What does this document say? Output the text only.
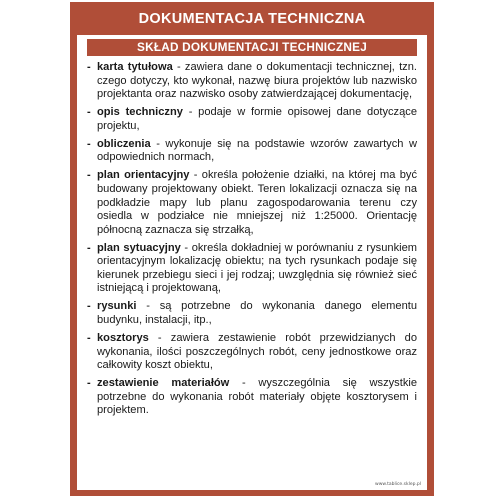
DOKUMENTACJA TECHNICZNA
SKŁAD DOKUMENTACJI TECHNICZNEJ
- karta tytułowa - zawiera dane o dokumentacji technicznej, tzn. czego dotyczy, kto wykonał, nazwę biura projektów lub nazwisko projektanta oraz nazwisko osoby zatwierdzającej dokumentację,
- opis techniczny - podaje w formie opisowej dane dotyczące projektu,
- obliczenia - wykonuje się na podstawie wzorów zawartych w odpowiednich normach,
- plan orientacyjny - określa położenie działki, na której ma być budowany projektowany obiekt. Teren lokalizacji oznacza się na podkładzie mapy lub planu zagospodarowania terenu czy osiedla w podziałce nie mniejszej niż 1:25000. Orientację północną zaznacza się strzałką,
- plan sytuacyjny - określa dokładniej w porównaniu z rysunkiem orientacyjnym lokalizację obiektu; na tych rysunkach podaje się kierunek przebiegu sieci i jej rodzaj; uwzględnia się również sieć istniejącą i projektowaną,
- rysunki - są potrzebne do wykonania danego elementu budynku, instalacji, itp.,
- kosztorys - zawiera zestawienie robót przewidzianych do wykonania, ilości poszczególnych robót, ceny jednostkowe oraz całkowity koszt obiektu,
- zestawienie materiałów - wyszczególnia się wszystkie potrzebne do wykonania robót materiały objęte kosztorysem i projektem.
www.tablice.sklep.pl
